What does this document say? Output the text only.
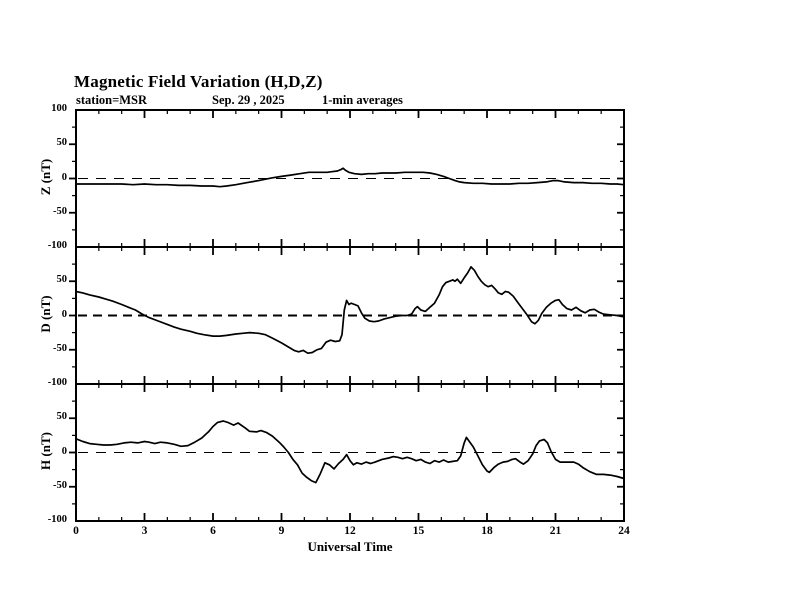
Magnetic Field Variation (H,D,Z)
station=MSR	Sep. 29 , 2025	1-min averages
Z (nT)
D (nT)
H (nT)
Universal Time
100
50
0
-50
-100
50
0
-50
-100
50
0
-50
-100
0	3	6	9	12	15	18	21	24
